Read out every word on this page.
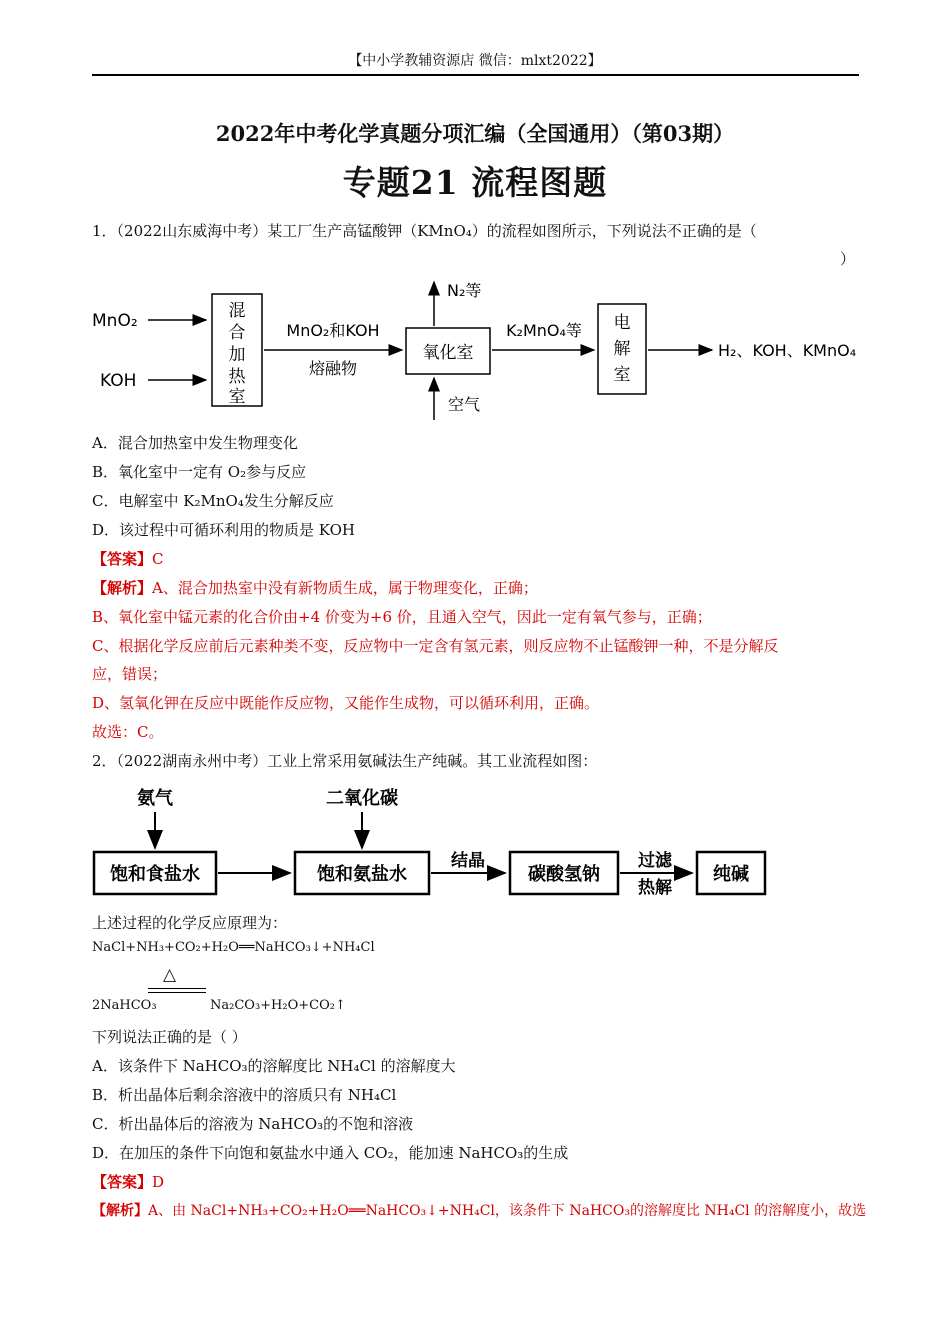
【中小学教辅资源店 微信：mlxt2022】
2022年中考化学真题分项汇编（全国通用）（第03期）
专题21 流程图题
1．（2022山东威海中考）某工厂生产高锰酸钾（KMnO₄）的流程如图所示，下列说法不正确的是（
）
MnO₂
KOH
混
合
加
热
室
MnO₂和KOH
熔融物
氧化室
N₂等
空气
K₂MnO₄等 电
解
室
H₂、KOH、KMnO₄
A．混合加热室中发生物理变化
B．氧化室中一定有 O₂参与反应
C．电解室中 K₂MnO₄发生分解反应
D．该过程中可循环利用的物质是 KOH
【答案】C
【解析】A、混合加热室中没有新物质生成，属于物理变化，正确；
B、氧化室中锰元素的化合价由+4 价变为+6 价，且通入空气，因此一定有氧气参与，正确；
C、根据化学反应前后元素种类不变，反应物中一定含有氢元素，则反应物不止锰酸钾一种，不是分解反
应，错误；
D、氢氧化钾在反应中既能作反应物，又能作生成物，可以循环利用，正确。
故选：C。
2．（2022湖南永州中考）工业上常采用氨碱法生产纯碱。其工业流程如图：
氨气	二氧化碳
饱和食盐水	饱和氨盐水
结晶
碳酸氢钠
过滤
热解
纯碱
上述过程的化学反应原理为：
NaCl+NH₃+CO₂+H₂O══NaHCO₃↓+NH₄Cl
△
2NaHCO₃	Na₂CO₃+H₂O+CO₂↑
下列说法正确的是（ ）
A．该条件下 NaHCO₃的溶解度比 NH₄Cl 的溶解度大
B．析出晶体后剩余溶液中的溶质只有 NH₄Cl
C．析出晶体后的溶液为 NaHCO₃的不饱和溶液
D．在加压的条件下向饱和氨盐水中通入 CO₂，能加速 NaHCO₃的生成
【答案】D
【解析】A、由 NaCl+NH₃+CO₂+H₂O══NaHCO₃↓+NH₄Cl，该条件下 NaHCO₃的溶解度比 NH₄Cl 的溶解度小，故选
